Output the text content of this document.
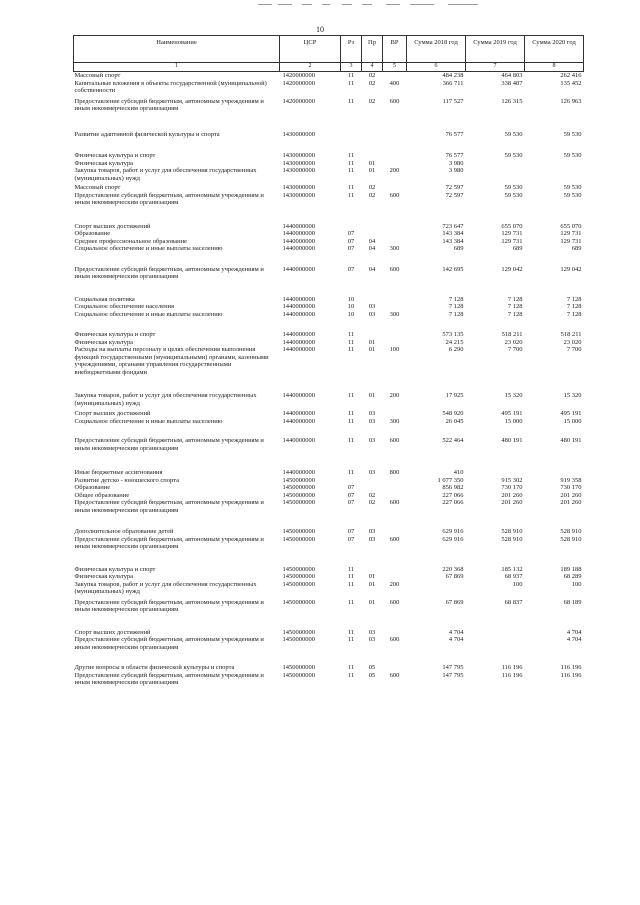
10
Наименование	ЦСР	Рз	Пр	ВР	Сумма 2018 год	Сумма 2019 год	Сумма 2020 год
1	2	3	4	5	6	7	8
Массовый спорт	1420000000	11	02		484 238	464 803	262 416
Капитальные вложения в объекты государственной (муниципальной) собственности	1420000000	11	02	400	366 711	338 487	135 452
Предоставление субсидий бюджетным, автономным учреждениям и иным некоммерческим организациям	1420000000	11	02	600	117 527	126 315	126 963
Развитие адаптивной физической культуры и спорта	1430000000				76 577	59 530	59 530
Физическая культура и спорт	1430000000	11			76 577	59 530	59 530
Физическая культура	1430000000	11	01		3 980		
Закупка товаров, работ и услуг для обеспечения государственных (муниципальных) нужд	1430000000	11	01	200	3 980		
Массовый спорт	1430000000	11	02		72 597	59 530	59 530
Предоставление субсидий бюджетным, автономным учреждениям и иным некоммерческим организациям	1430000000	11	02	600	72 597	59 530	59 530
Спорт высших достижений	1440000000				723 647	655 070	655 070
Образование	1440000000	07			143 384	129 731	129 731
Среднее профессиональное образование	1440000000	07	04		143 384	129 731	129 731
Социальное обеспечение и иные выплаты населению	1440000000	07	04	300	689	689	689
Предоставление субсидий бюджетным, автономным учреждениям и иным некоммерческим организациям	1440000000	07	04	600	142 695	129 042	129 042
Социальная политика	1440000000	10			7 128	7 128	7 128
Социальное обеспечение населения	1440000000	10	03		7 128	7 128	7 128
Социальное обеспечение и иные выплаты населению	1440000000	10	03	300	7 128	7 128	7 128
Физическая культура и спорт	1440000000	11			573 135	518 211	518 211
Физическая культура	1440000000	11	01		24 215	23 020	23 020
Расходы на выплаты персоналу в целях обеспечения выполнения функций государственными (муниципальными) органами, казенными учреждениями, органами управления государственными внебюджетными фондами	1440000000	11	01	100	6 290	7 700	7 700
Закупка товаров, работ и услуг для обеспечения государственных (муниципальных) нужд	1440000000	11	01	200	17 925	15 320	15 320
Спорт высших достижений	1440000000	11	03		548 920	495 191	495 191
Социальное обеспечение и иные выплаты населению	1440000000	11	03	300	26 045	15 000	15 000
Предоставление субсидий бюджетным, автономным учреждениям и иным некоммерческим организациям	1440000000	11	03	600	522 464	480 191	480 191
Иные бюджетные ассигнования	1440000000	11	03	800	410		
Развитие детско - юношеского спорта	1450000000				1 077 350	915 302	919 358
Образование	1450000000	07			856 982	730 170	730 170
Общее образование	1450000000	07	02		227 066	201 260	201 260
Предоставление субсидий бюджетным, автономным учреждениям и иным некоммерческим организациям	1450000000	07	02	600	227 066	201 260	201 260
Дополнительное образование детей	1450000000	07	03		629 916	528 910	528 910
Предоставление субсидий бюджетным, автономным учреждениям и иным некоммерческим организациям	1450000000	07	03	600	629 916	528 910	528 910
Физическая культура и спорт	1450000000	11			220 368	185 132	189 188
Физическая культура	1450000000	11	01		67 869	68 937	68 289
Закупка товаров, работ и услуг для обеспечения государственных (муниципальных) нужд	1450000000	11	01	200		100	100
Предоставление субсидий бюджетным, автономным учреждениям и иным некоммерческим организациям	1450000000	11	01	600	67 869	68 837	68 189
Спорт высших достижений	1450000000	11	03		4 704		4 704
Предоставление субсидий бюджетным, автономным учреждениям и иным некоммерческим организациям	1450000000	11	03	600	4 704		4 704
Другие вопросы в области физической культуры и спорта	1450000000	11	05		147 795	116 196	116 196
Предоставление субсидий бюджетным, автономным учреждениям и иным некоммерческим организациям	1450000000	11	05	600	147 795	116 196	116 196
